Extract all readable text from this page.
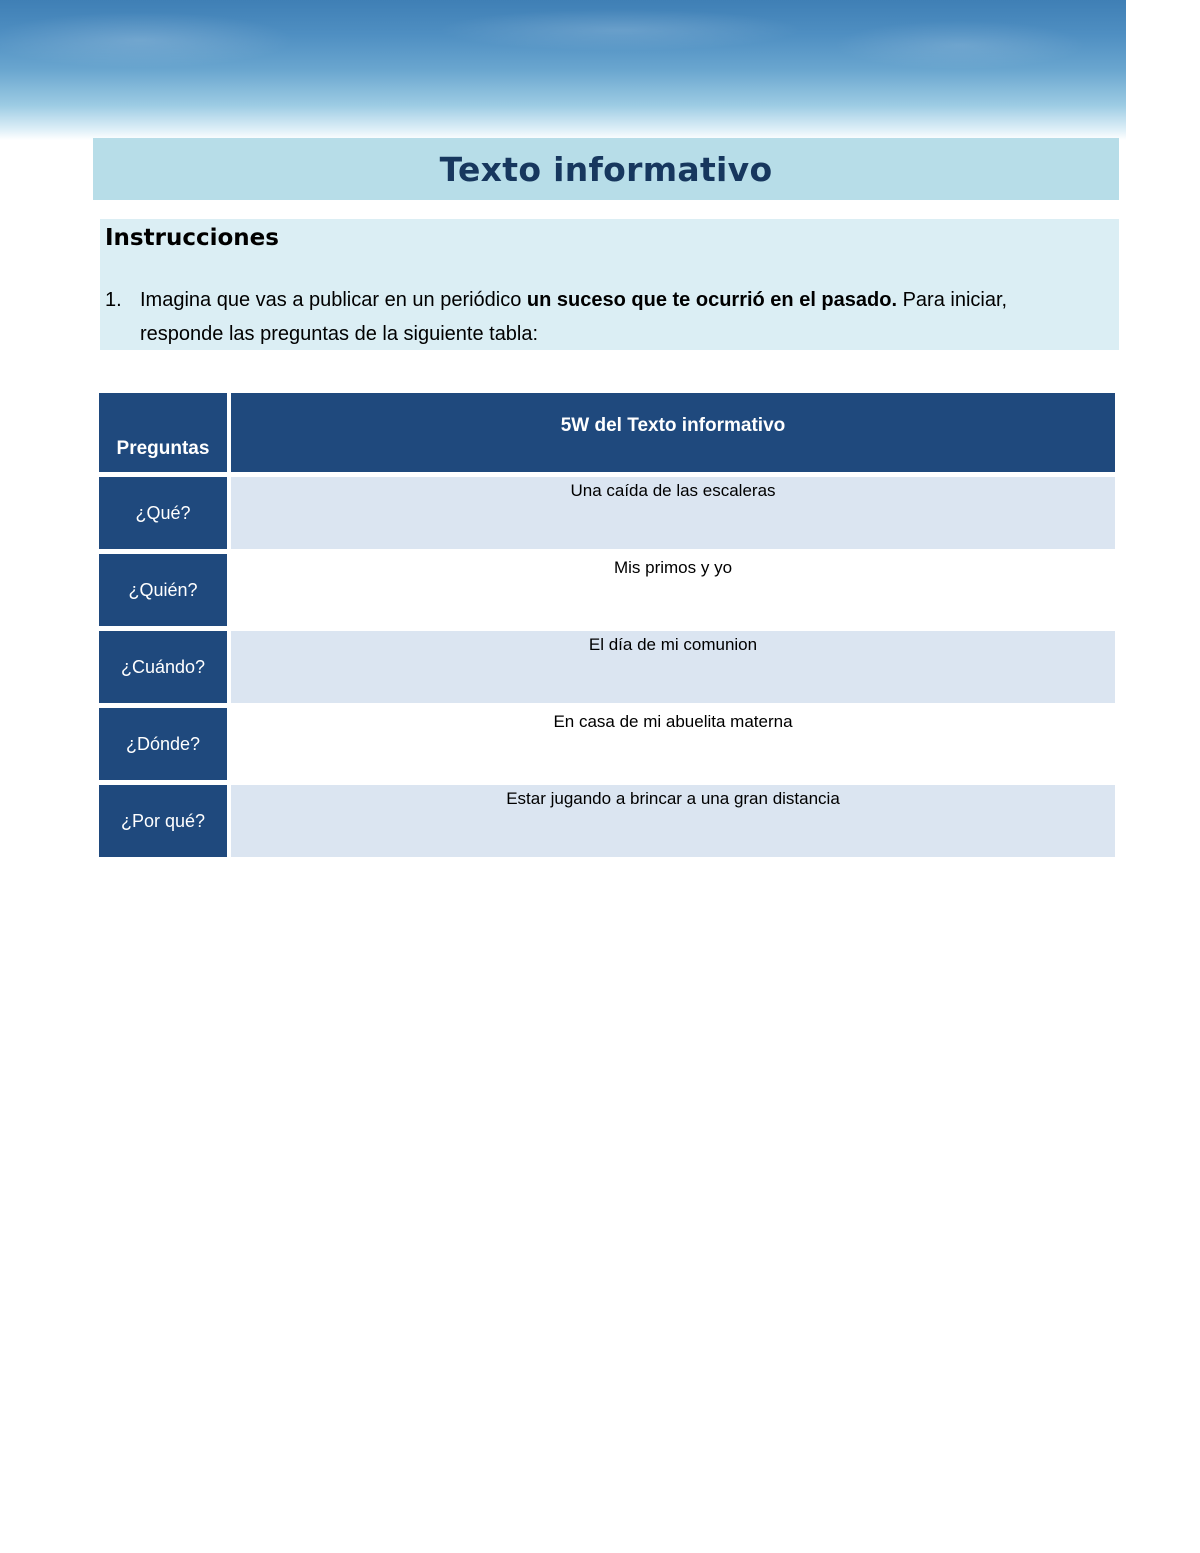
Texto informativo
Instrucciones
1. Imagina que vas a publicar en un periódico un suceso que te ocurrió en el pasado. Para iniciar, responde las preguntas de la siguiente tabla:
Preguntas	5W del Texto informativo
¿Qué?	Una caída de las escaleras
¿Quién?	Mis primos y yo
¿Cuándo?	El día de mi comunion
¿Dónde?	En casa de mi abuelita materna
¿Por qué?	Estar jugando a brincar a una gran distancia
